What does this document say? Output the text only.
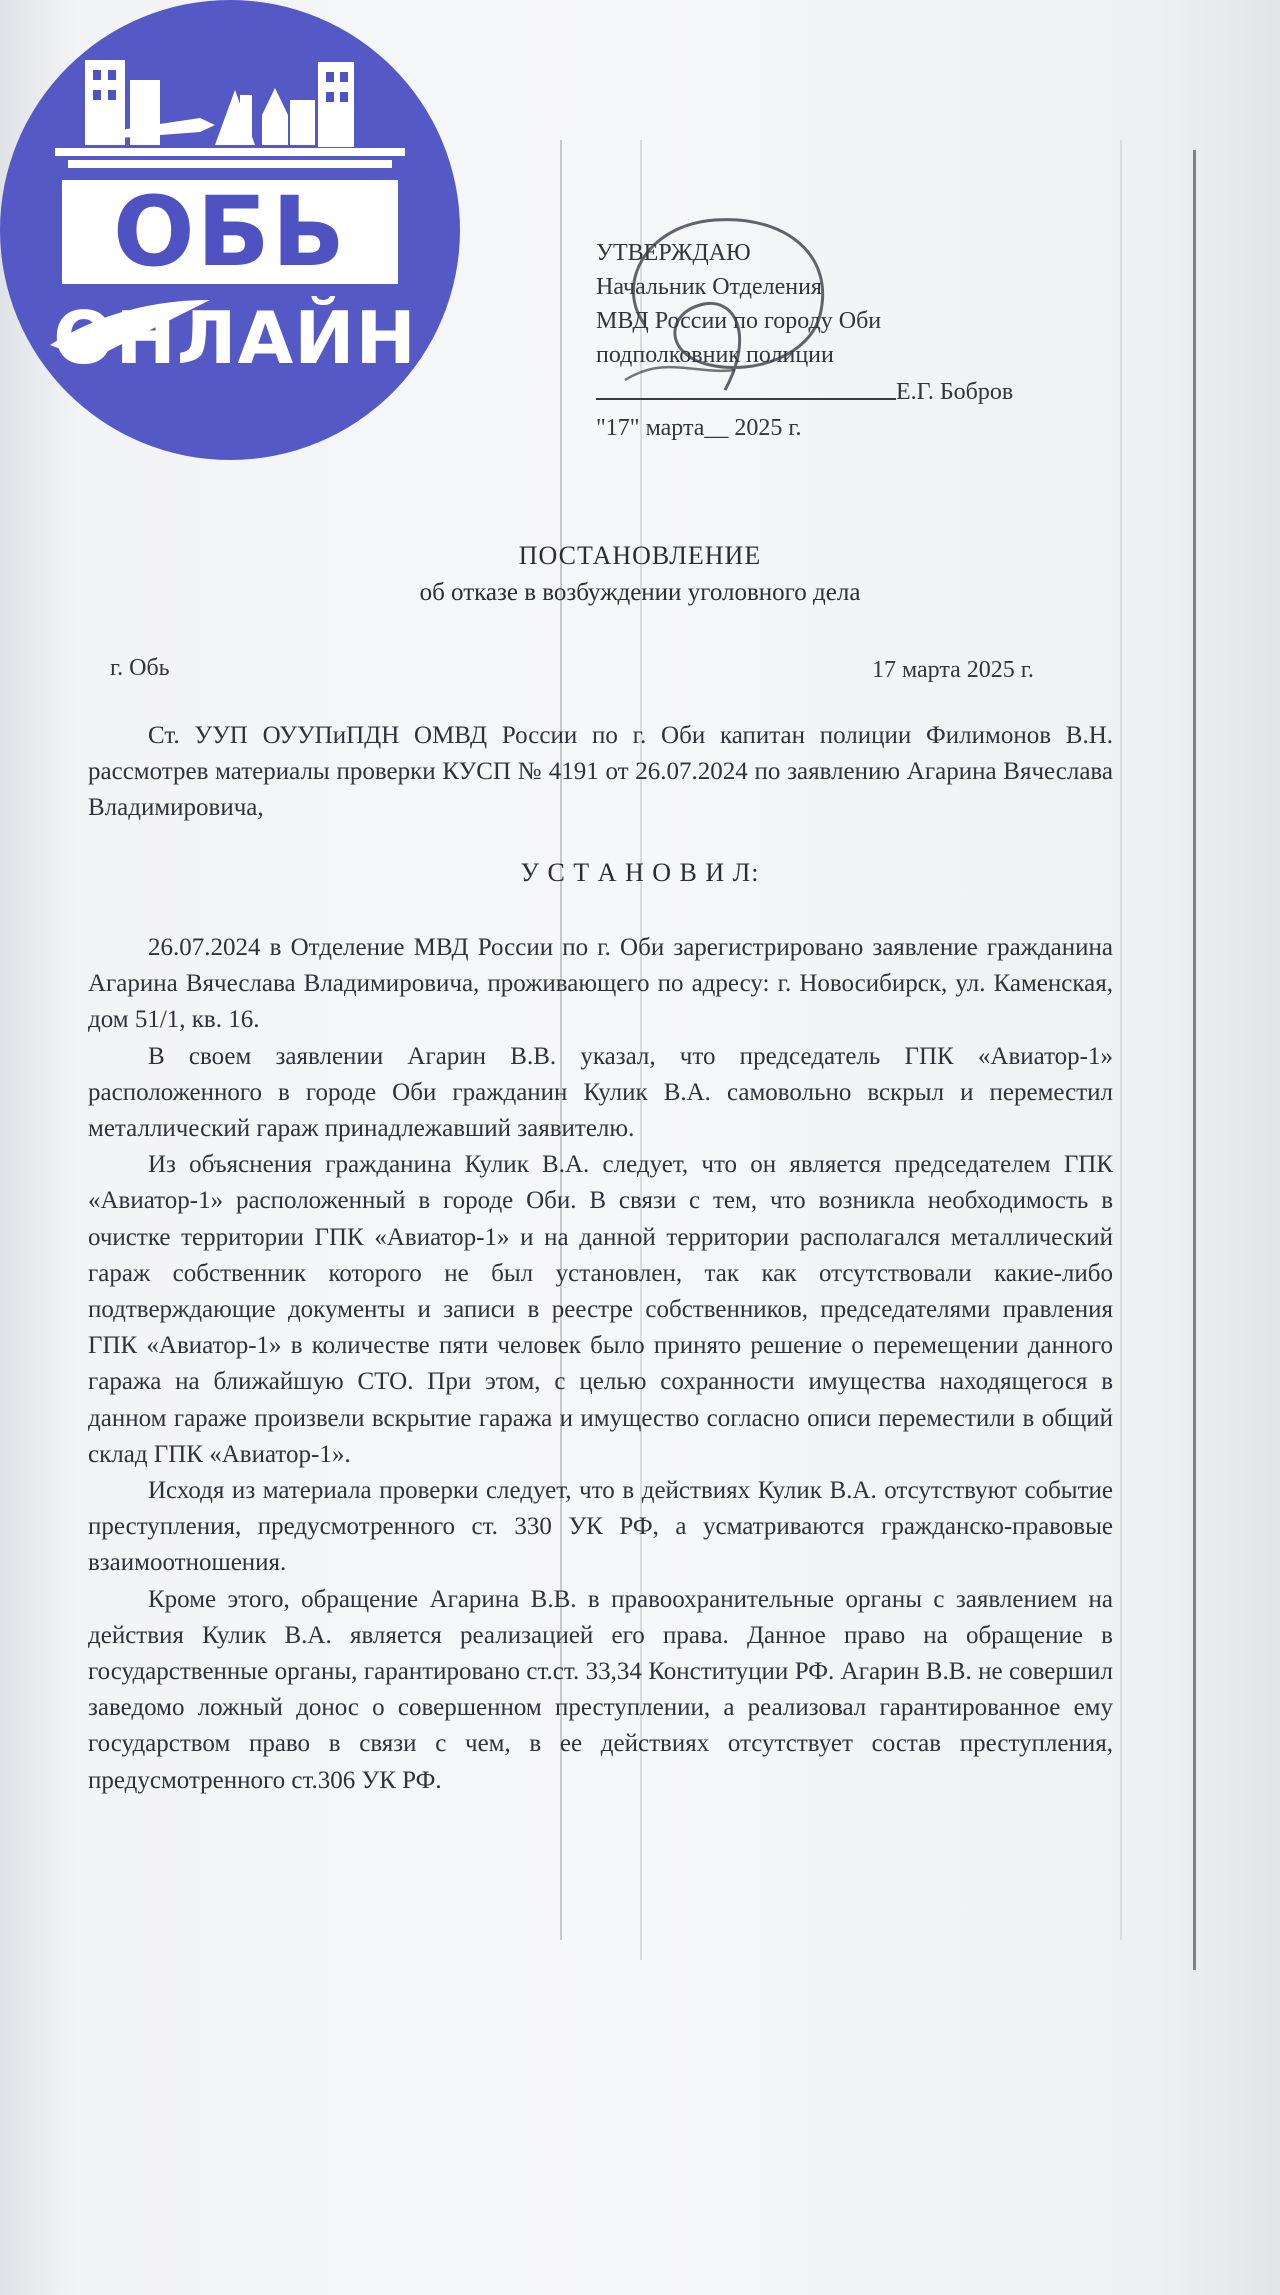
ОБЬ
ОНЛАЙН
УТВЕРЖДАЮ
Начальник Отделения
МВД России по городу Оби
подполковник полиции
Е.Г. Бобров
"17" марта__ 2025 г.
ПОСТАНОВЛЕНИЕ
об отказе в возбуждении уголовного дела
г. Обь	17 марта 2025 г.

Ст. УУП ОУУПиПДН ОМВД России по г. Оби капитан полиции Филимонов В.Н. рассмотрев материалы проверки КУСП № 4191 от 26.07.2024 по заявлению Агарина Вячеслава Владимировича,

У С Т А Н О В И Л:

26.07.2024 в Отделение МВД России по г. Оби зарегистрировано заявление гражданина Агарина Вячеслава Владимировича, проживающего по адресу: г. Новосибирск, ул. Каменская, дом 51/1, кв. 16.

В своем заявлении Агарин В.В. указал, что председатель ГПК «Авиатор-1» расположенного в городе Оби гражданин Кулик В.А. самовольно вскрыл и переместил металлический гараж принадлежавший заявителю.

Из объяснения гражданина Кулик В.А. следует, что он является председателем ГПК «Авиатор-1» расположенный в городе Оби. В связи с тем, что возникла необходимость в очистке территории ГПК «Авиатор-1» и на данной территории располагался металлический гараж собственник которого не был установлен, так как отсутствовали какие-либо подтверждающие документы и записи в реестре собственников, председателями правления ГПК «Авиатор-1» в количестве пяти человек было принято решение о перемещении данного гаража на ближайшую СТО. При этом, с целью сохранности имущества находящегося в данном гараже произвели вскрытие гаража и имущество согласно описи переместили в общий склад ГПК «Авиатор-1».

Исходя из материала проверки следует, что в действиях Кулик В.А. отсутствуют событие преступления, предусмотренного ст. 330 УК РФ, а усматриваются гражданско-правовые взаимоотношения.

Кроме этого, обращение Агарина В.В. в правоохранительные органы с заявлением на действия Кулик В.А. является реализацией его права. Данное право на обращение в государственные органы, гарантировано ст.ст. 33,34 Конституции РФ. Агарин В.В. не совершил заведомо ложный донос о совершенном преступлении, а реализовал гарантированное ему государством право в связи с чем, в ее действиях отсутствует состав преступления, предусмотренного ст.306 УК РФ.
